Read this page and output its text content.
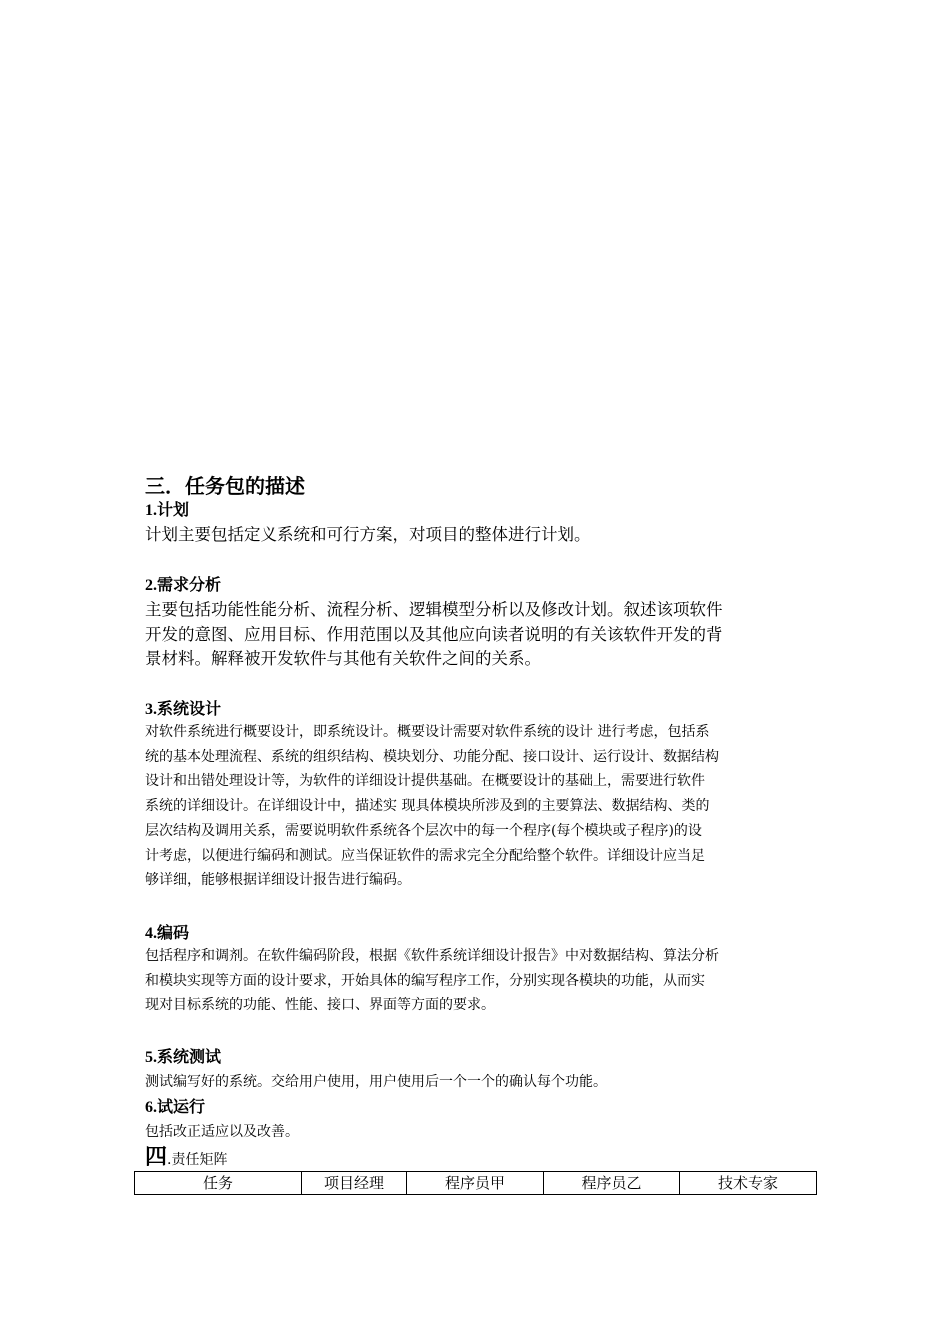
三．任务包的描述
1.计划
计划主要包括定义系统和可行方案，对项目的整体进行计划。
2.需求分析
主要包括功能性能分析、流程分析、逻辑模型分析以及修改计划。叙述该项软件
开发的意图、应用目标、作用范围以及其他应向读者说明的有关该软件开发的背
景材料。解释被开发软件与其他有关软件之间的关系。
3.系统设计
对软件系统进行概要设计，即系统设计。概要设计需要对软件系统的设计 进行考虑，包括系
统的基本处理流程、系统的组织结构、模块划分、功能分配、接口设计、运行设计、数据结构
设计和出错处理设计等，为软件的详细设计提供基础。在概要设计的基础上，需要进行软件
系统的详细设计。在详细设计中，描述实 现具体模块所涉及到的主要算法、数据结构、类的
层次结构及调用关系，需要说明软件系统各个层次中的每一个程序(每个模块或子程序)的设
计考虑，以便进行编码和测试。应当保证软件的需求完全分配给整个软件。详细设计应当足
够详细，能够根据详细设计报告进行编码。
4.编码
包括程序和调剂。在软件编码阶段，根据《软件系统详细设计报告》中对数据结构、算法分析
和模块实现等方面的设计要求，开始具体的编写程序工作，分别实现各模块的功能，从而实
现对目标系统的功能、性能、接口、界面等方面的要求。
5.系统测试
测试编写好的系统。交给用户使用，用户使用后一个一个的确认每个功能。
6.试运行
包括改正适应以及改善。
四.责任矩阵
任务	项目经理	程序员甲	程序员乙	技术专家
